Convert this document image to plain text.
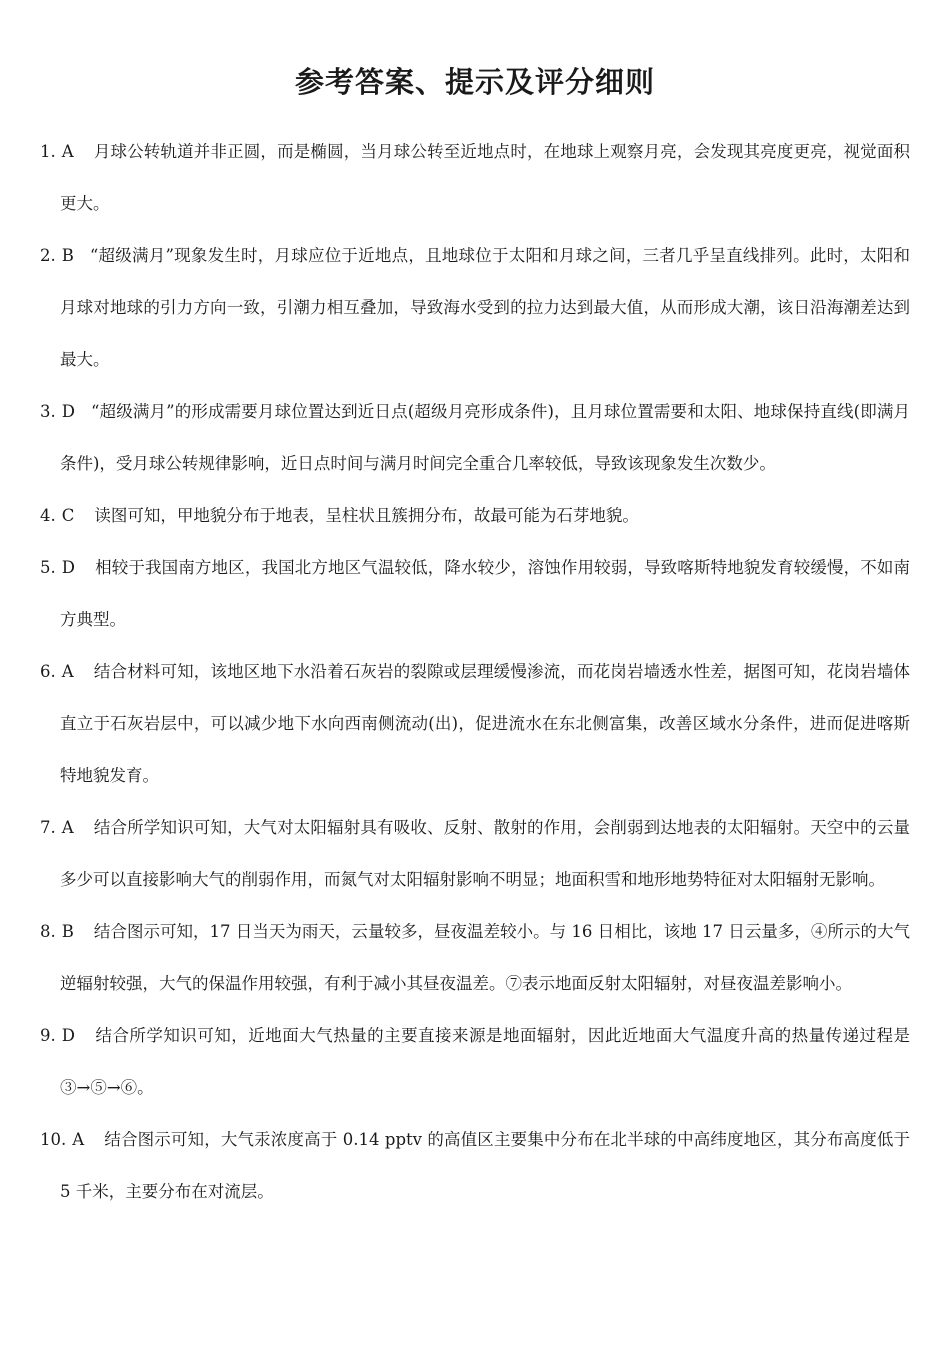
参考答案、提示及评分细则

1. A 月球公转轨道并非正圆，而是椭圆，当月球公转至近地点时，在地球上观察月亮，会发现其亮度更亮，视觉面积更大。

2. B “超级满月”现象发生时，月球应位于近地点，且地球位于太阳和月球之间，三者几乎呈直线排列。此时，太阳和月球对地球的引力方向一致，引潮力相互叠加，导致海水受到的拉力达到最大值，从而形成大潮，该日沿海潮差达到最大。

3. D “超级满月”的形成需要月球位置达到近日点(超级月亮形成条件)，且月球位置需要和太阳、地球保持直线(即满月条件)，受月球公转规律影响，近日点时间与满月时间完全重合几率较低，导致该现象发生次数少。

4. C 读图可知，甲地貌分布于地表，呈柱状且簇拥分布，故最可能为石芽地貌。

5. D 相较于我国南方地区，我国北方地区气温较低，降水较少，溶蚀作用较弱，导致喀斯特地貌发育较缓慢，不如南方典型。

6. A 结合材料可知，该地区地下水沿着石灰岩的裂隙或层理缓慢渗流，而花岗岩墙透水性差，据图可知，花岗岩墙体直立于石灰岩层中，可以减少地下水向西南侧流动(出)，促进流水在东北侧富集，改善区域水分条件，进而促进喀斯特地貌发育。

7. A 结合所学知识可知，大气对太阳辐射具有吸收、反射、散射的作用，会削弱到达地表的太阳辐射。天空中的云量多少可以直接影响大气的削弱作用，而氮气对太阳辐射影响不明显；地面积雪和地形地势特征对太阳辐射无影响。

8. B 结合图示可知，17 日当天为雨天，云量较多，昼夜温差较小。与 16 日相比，该地 17 日云量多，④所示的大气逆辐射较强，大气的保温作用较强，有利于减小其昼夜温差。⑦表示地面反射太阳辐射，对昼夜温差影响小。

9. D 结合所学知识可知，近地面大气热量的主要直接来源是地面辐射，因此近地面大气温度升高的热量传递过程是③→⑤→⑥。

10. A 结合图示可知，大气汞浓度高于 0.14 pptv 的高值区主要集中分布在北半球的中高纬度地区，其分布高度低于 5 千米，主要分布在对流层。
